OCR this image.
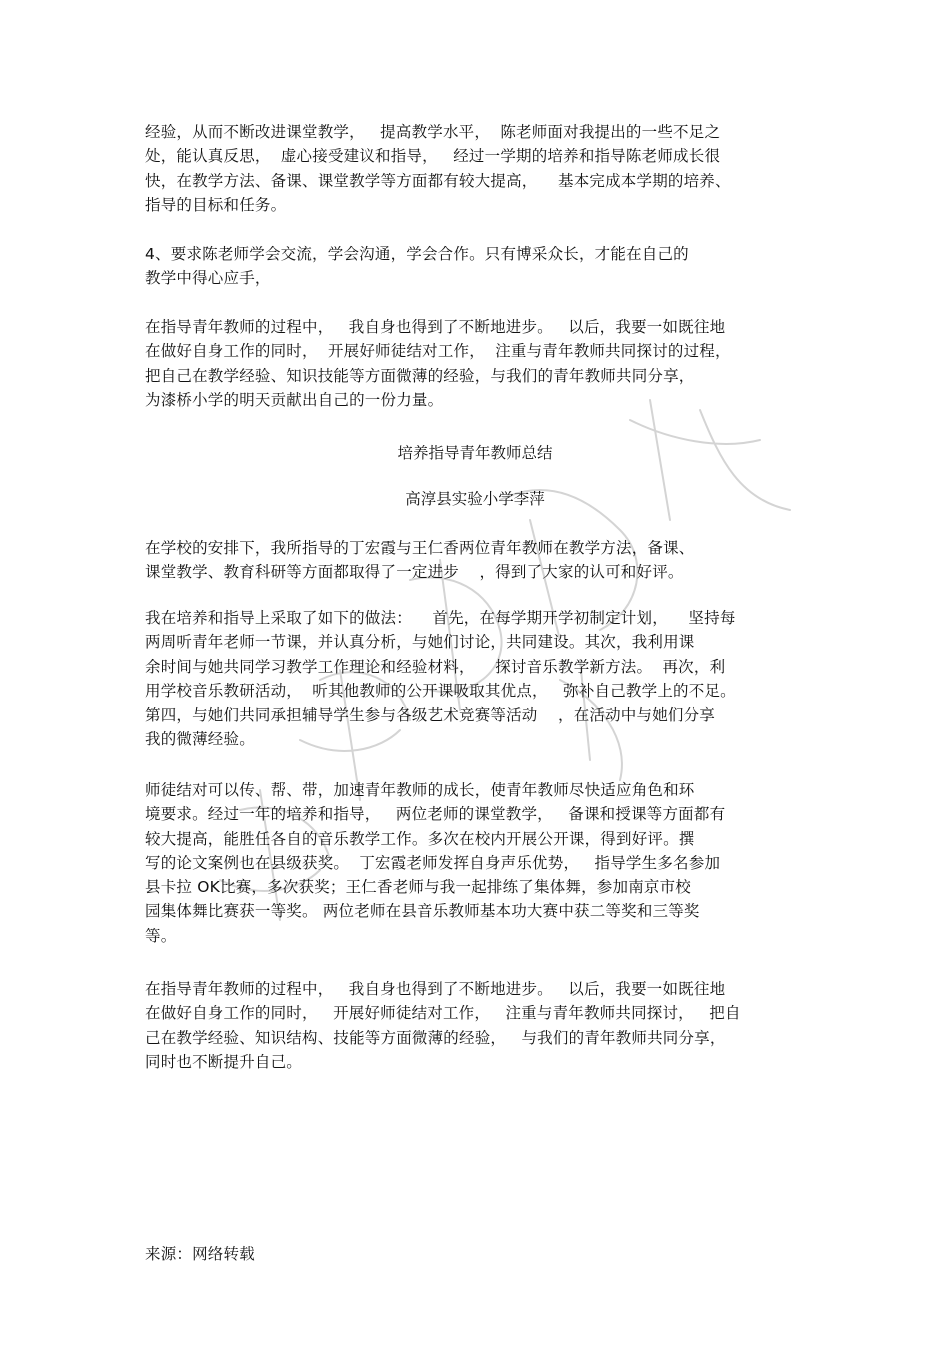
经验，从而不断改进课堂教学，   提高教学水平，  陈老师面对我提出的一些不足之
处，能认真反思，  虚心接受建议和指导，   经过一学期的培养和指导陈老师成长很
快，在教学方法、备课、课堂教学等方面都有较大提高，    基本完成本学期的培养、
指导的目标和任务。
4、要求陈老师学会交流，学会沟通，学会合作。只有博采众长，才能在自己的
教学中得心应手，
在指导青年教师的过程中，   我自身也得到了不断地进步。   以后，我要一如既往地
在做好自身工作的同时，  开展好师徒结对工作，  注重与青年教师共同探讨的过程，
把自己在教学经验、知识技能等方面微薄的经验，与我们的青年教师共同分享，
为漆桥小学的明天贡献出自己的一份力量。
培养指导青年教师总结
高淳县实验小学李萍
在学校的安排下，我所指导的丁宏霞与王仁香两位青年教师在教学方法，备课、
课堂教学、教育科研等方面都取得了一定进步    ，得到了大家的认可和好评。
我在培养和指导上采取了如下的做法：    首先，在每学期开学初制定计划，    坚持每
两周听青年老师一节课，并认真分析，与她们讨论，共同建设。其次，我利用课
余时间与她共同学习教学工作理论和经验材料，    探讨音乐教学新方法。  再次，利
用学校音乐教研活动，  听其他教师的公开课吸取其优点，   弥补自己教学上的不足。
第四，与她们共同承担辅导学生参与各级艺术竞赛等活动    ，在活动中与她们分享
我的微薄经验。
师徒结对可以传、帮、带，加速青年教师的成长，使青年教师尽快适应角色和环
境要求。经过一年的培养和指导，   两位老师的课堂教学，   备课和授课等方面都有
较大提高，能胜任各自的音乐教学工作。多次在校内开展公开课，得到好评。撰
写的论文案例也在县级获奖。  丁宏霞老师发挥自身声乐优势，   指导学生多名参加
县卡拉 OK比赛，多次获奖；王仁香老师与我一起排练了集体舞，参加南京市校
园集体舞比赛获一等奖。 两位老师在县音乐教师基本功大赛中获二等奖和三等奖
等。
在指导青年教师的过程中，   我自身也得到了不断地进步。   以后，我要一如既往地
在做好自身工作的同时，   开展好师徒结对工作，   注重与青年教师共同探讨，   把自
己在教学经验、知识结构、技能等方面微薄的经验，   与我们的青年教师共同分享，
同时也不断提升自己。
来源：网络转载
